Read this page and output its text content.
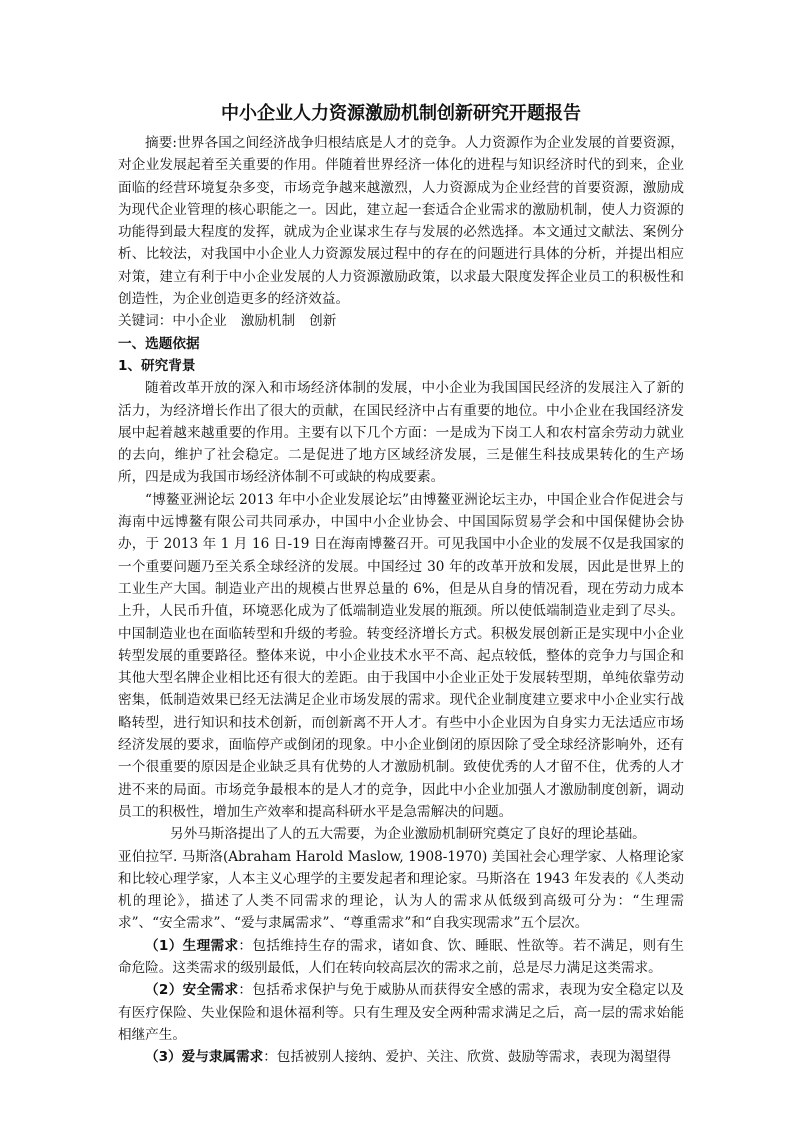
中小企业人力资源激励机制创新研究开题报告

摘要:世界各国之间经济战争归根结底是人才的竞争。人力资源作为企业发展的首要资源，对企业发展起着至关重要的作用。伴随着世界经济一体化的进程与知识经济时代的到来，企业面临的经营环境复杂多变，市场竞争越来越激烈，人力资源成为企业经营的首要资源，激励成为现代企业管理的核心职能之一。因此，建立起一套适合企业需求的激励机制，使人力资源的功能得到最大程度的发挥，就成为企业谋求生存与发展的必然选择。本文通过文献法、案例分析、比较法，对我国中小企业人力资源发展过程中的存在的问题进行具体的分析，并提出相应对策，建立有利于中小企业发展的人力资源激励政策，以求最大限度发挥企业员工的积极性和创造性，为企业创造更多的经济效益。

关键词：中小企业 激励机制 创新

一、选题依据

1、研究背景

随着改革开放的深入和市场经济体制的发展，中小企业为我国国民经济的发展注入了新的活力，为经济增长作出了很大的贡献，在国民经济中占有重要的地位。中小企业在我国经济发展中起着越来越重要的作用。主要有以下几个方面：一是成为下岗工人和农村富余劳动力就业的去向，维护了社会稳定。二是促进了地方区域经济发展，三是催生科技成果转化的生产场所，四是成为我国市场经济体制不可或缺的构成要素。

“博鳌亚洲论坛 2013 年中小企业发展论坛”由博鳌亚洲论坛主办，中国企业合作促进会与海南中远博鳌有限公司共同承办，中国中小企业协会、中国国际贸易学会和中国保健协会协办，于 2013 年 1 月 16 日-19 日在海南博鳌召开。可见我国中小企业的发展不仅是我国家的一个重要问题乃至关系全球经济的发展。中国经过 30 年的改革开放和发展，因此是世界上的工业生产大国。制造业产出的规模占世界总量的 6%，但是从自身的情况看，现在劳动力成本上升，人民币升值，环境恶化成为了低端制造业发展的瓶颈。所以使低端制造业走到了尽头。中国制造业也在面临转型和升级的考验。转变经济增长方式。积极发展创新正是实现中小企业转型发展的重要路径。整体来说，中小企业技术水平不高、起点较低，整体的竞争力与国企和其他大型名牌企业相比还有很大的差距。由于我国中小企业正处于发展转型期，单纯依靠劳动密集，低制造效果已经无法满足企业市场发展的需求。现代企业制度建立要求中小企业实行战略转型，进行知识和技术创新，而创新离不开人才。有些中小企业因为自身实力无法适应市场经济发展的要求，面临停产或倒闭的现象。中小企业倒闭的原因除了受全球经济影响外，还有一个很重要的原因是企业缺乏具有优势的人才激励机制。致使优秀的人才留不住，优秀的人才进不来的局面。市场竞争最根本的是人才的竞争，因此中小企业加强人才激励制度创新，调动员工的积极性，增加生产效率和提高科研水平是急需解决的问题。

另外马斯洛提出了人的五大需要，为企业激励机制研究奠定了良好的理论基础。

亚伯拉罕. 马斯洛(Abraham Harold Maslow, 1908-1970) 美国社会心理学家、人格理论家和比较心理学家，人本主义心理学的主要发起者和理论家。马斯洛在 1943 年发表的《人类动机的理论》，描述了人类不同需求的理论，认为人的需求从低级到高级可分为：“生理需求”、“安全需求”、“爱与隶属需求”、“尊重需求”和“自我实现需求”五个层次。

（1）生理需求：包括维持生存的需求，诸如食、饮、睡眠、性欲等。若不满足，则有生命危险。这类需求的级别最低，人们在转向较高层次的需求之前，总是尽力满足这类需求。

（2）安全需求：包括希求保护与免于威胁从而获得安全感的需求，表现为安全稳定以及有医疗保险、失业保险和退休福利等。只有生理及安全两种需求满足之后，高一层的需求始能相继产生。

（3）爱与隶属需求：包括被别人接纳、爱护、关注、欣赏、鼓励等需求，表现为渴望得
